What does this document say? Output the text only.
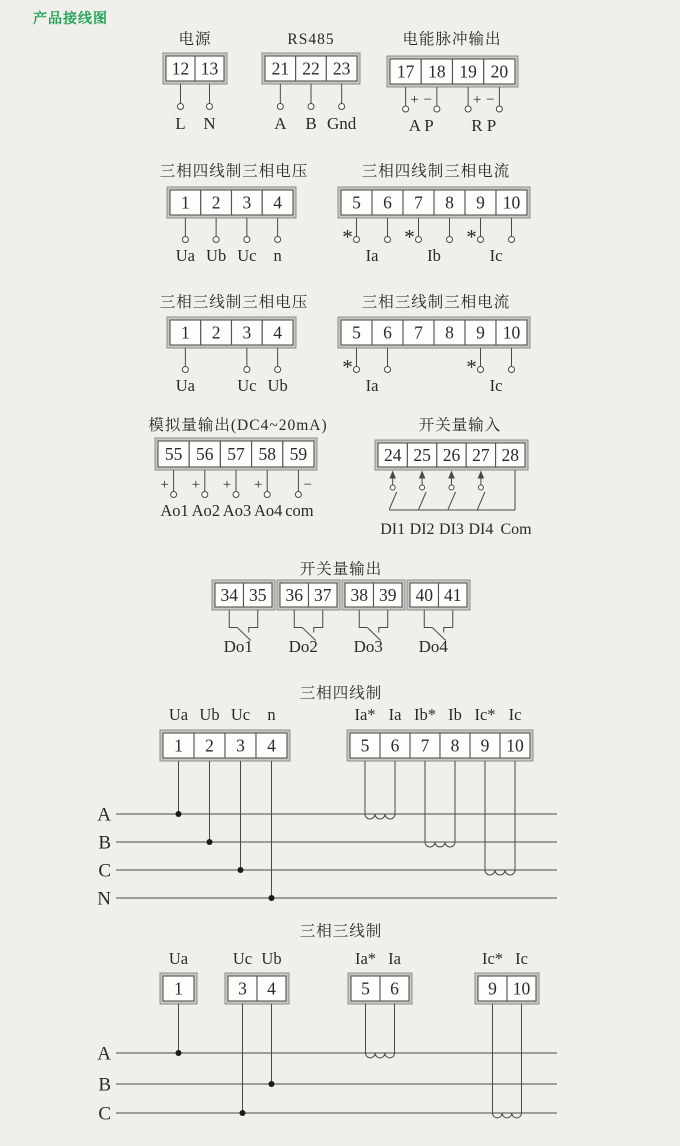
产品接线图
12 13
电源
L N
RS485
21 22 23
A B Gnd
电能脉冲输出
17 18 19 20
+ −	+ −
A P R P
三相四线制三相电压
1 2 3 4
Ua Ub Uc n
三相四线制三相电流
5 6 7 8 9 10
* * *
Ia	Ib	Ic
三相三线制三相电压
1 2 3 4
Ua	Uc Ub
三相三线制三相电流
5 6 7 8 9 10
*	*
Ia	Ic
模拟量输出(DC4~20mA)
55 56 57 58 59
+
Ao1
+
Ao2
+
Ao3
+
Ao4
−
com
开关量输入
24 25 26 27 28
DI1 DI2 DI3 DI4 Com
开关量输出
34 35
Do1
36 37
Do2
38 39
Do3
40 41
Do4
三相四线制
A
B
C
N
1 2 3 4
Ua Ub Uc n
5 6 7 8 9 10
Ia* Ia Ib* Ib Ic* Ic
三相三线制
A
B
C
1
Ua
3 4
Uc Ub
5 6
Ia* Ia
9 10
Ic* Ic
